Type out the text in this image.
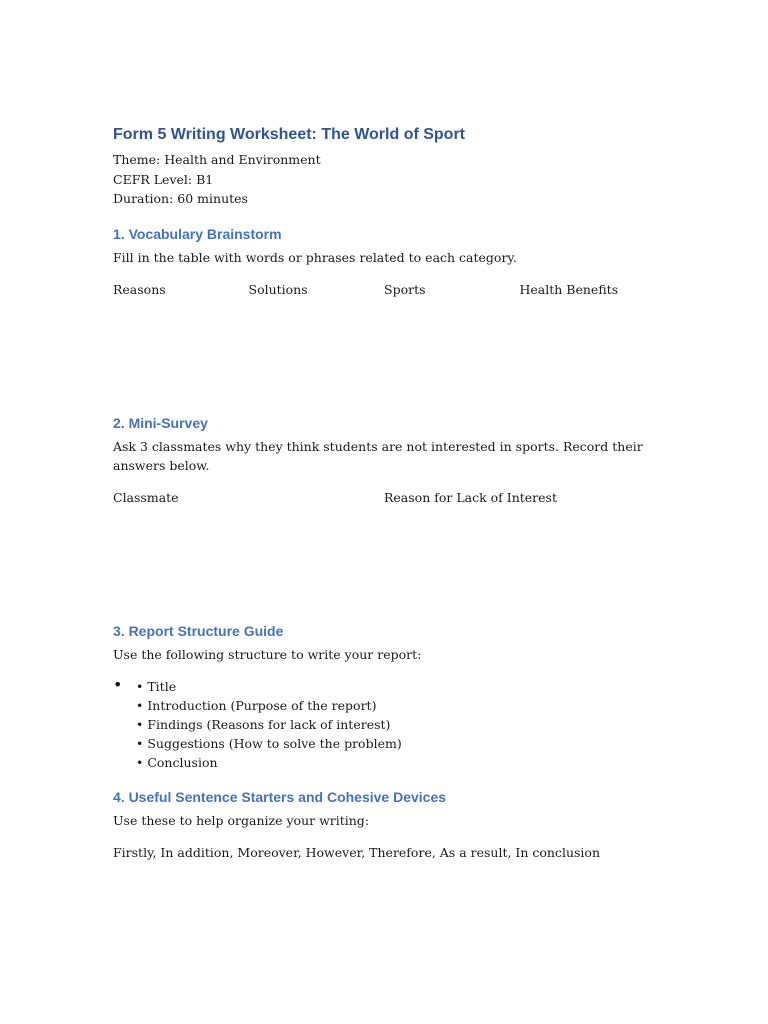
Form 5 Writing Worksheet: The World of Sport

Theme: Health and Environment

CEFR Level: B1

Duration: 60 minutes

1. Vocabulary Brainstorm

Fill in the table with words or phrases related to each category.

Reasons	Solutions	Sports	Health Benefits
2. Mini-Survey

Ask 3 classmates why they think students are not interested in sports. Record their answers below.

Classmate	Reason for Lack of Interest
3. Report Structure Guide

Use the following structure to write your report:

• • Title

• Introduction (Purpose of the report)

• Findings (Reasons for lack of interest)

• Suggestions (How to solve the problem)

• Conclusion

4. Useful Sentence Starters and Cohesive Devices

Use these to help organize your writing:

Firstly, In addition, Moreover, However, Therefore, As a result, In conclusion
